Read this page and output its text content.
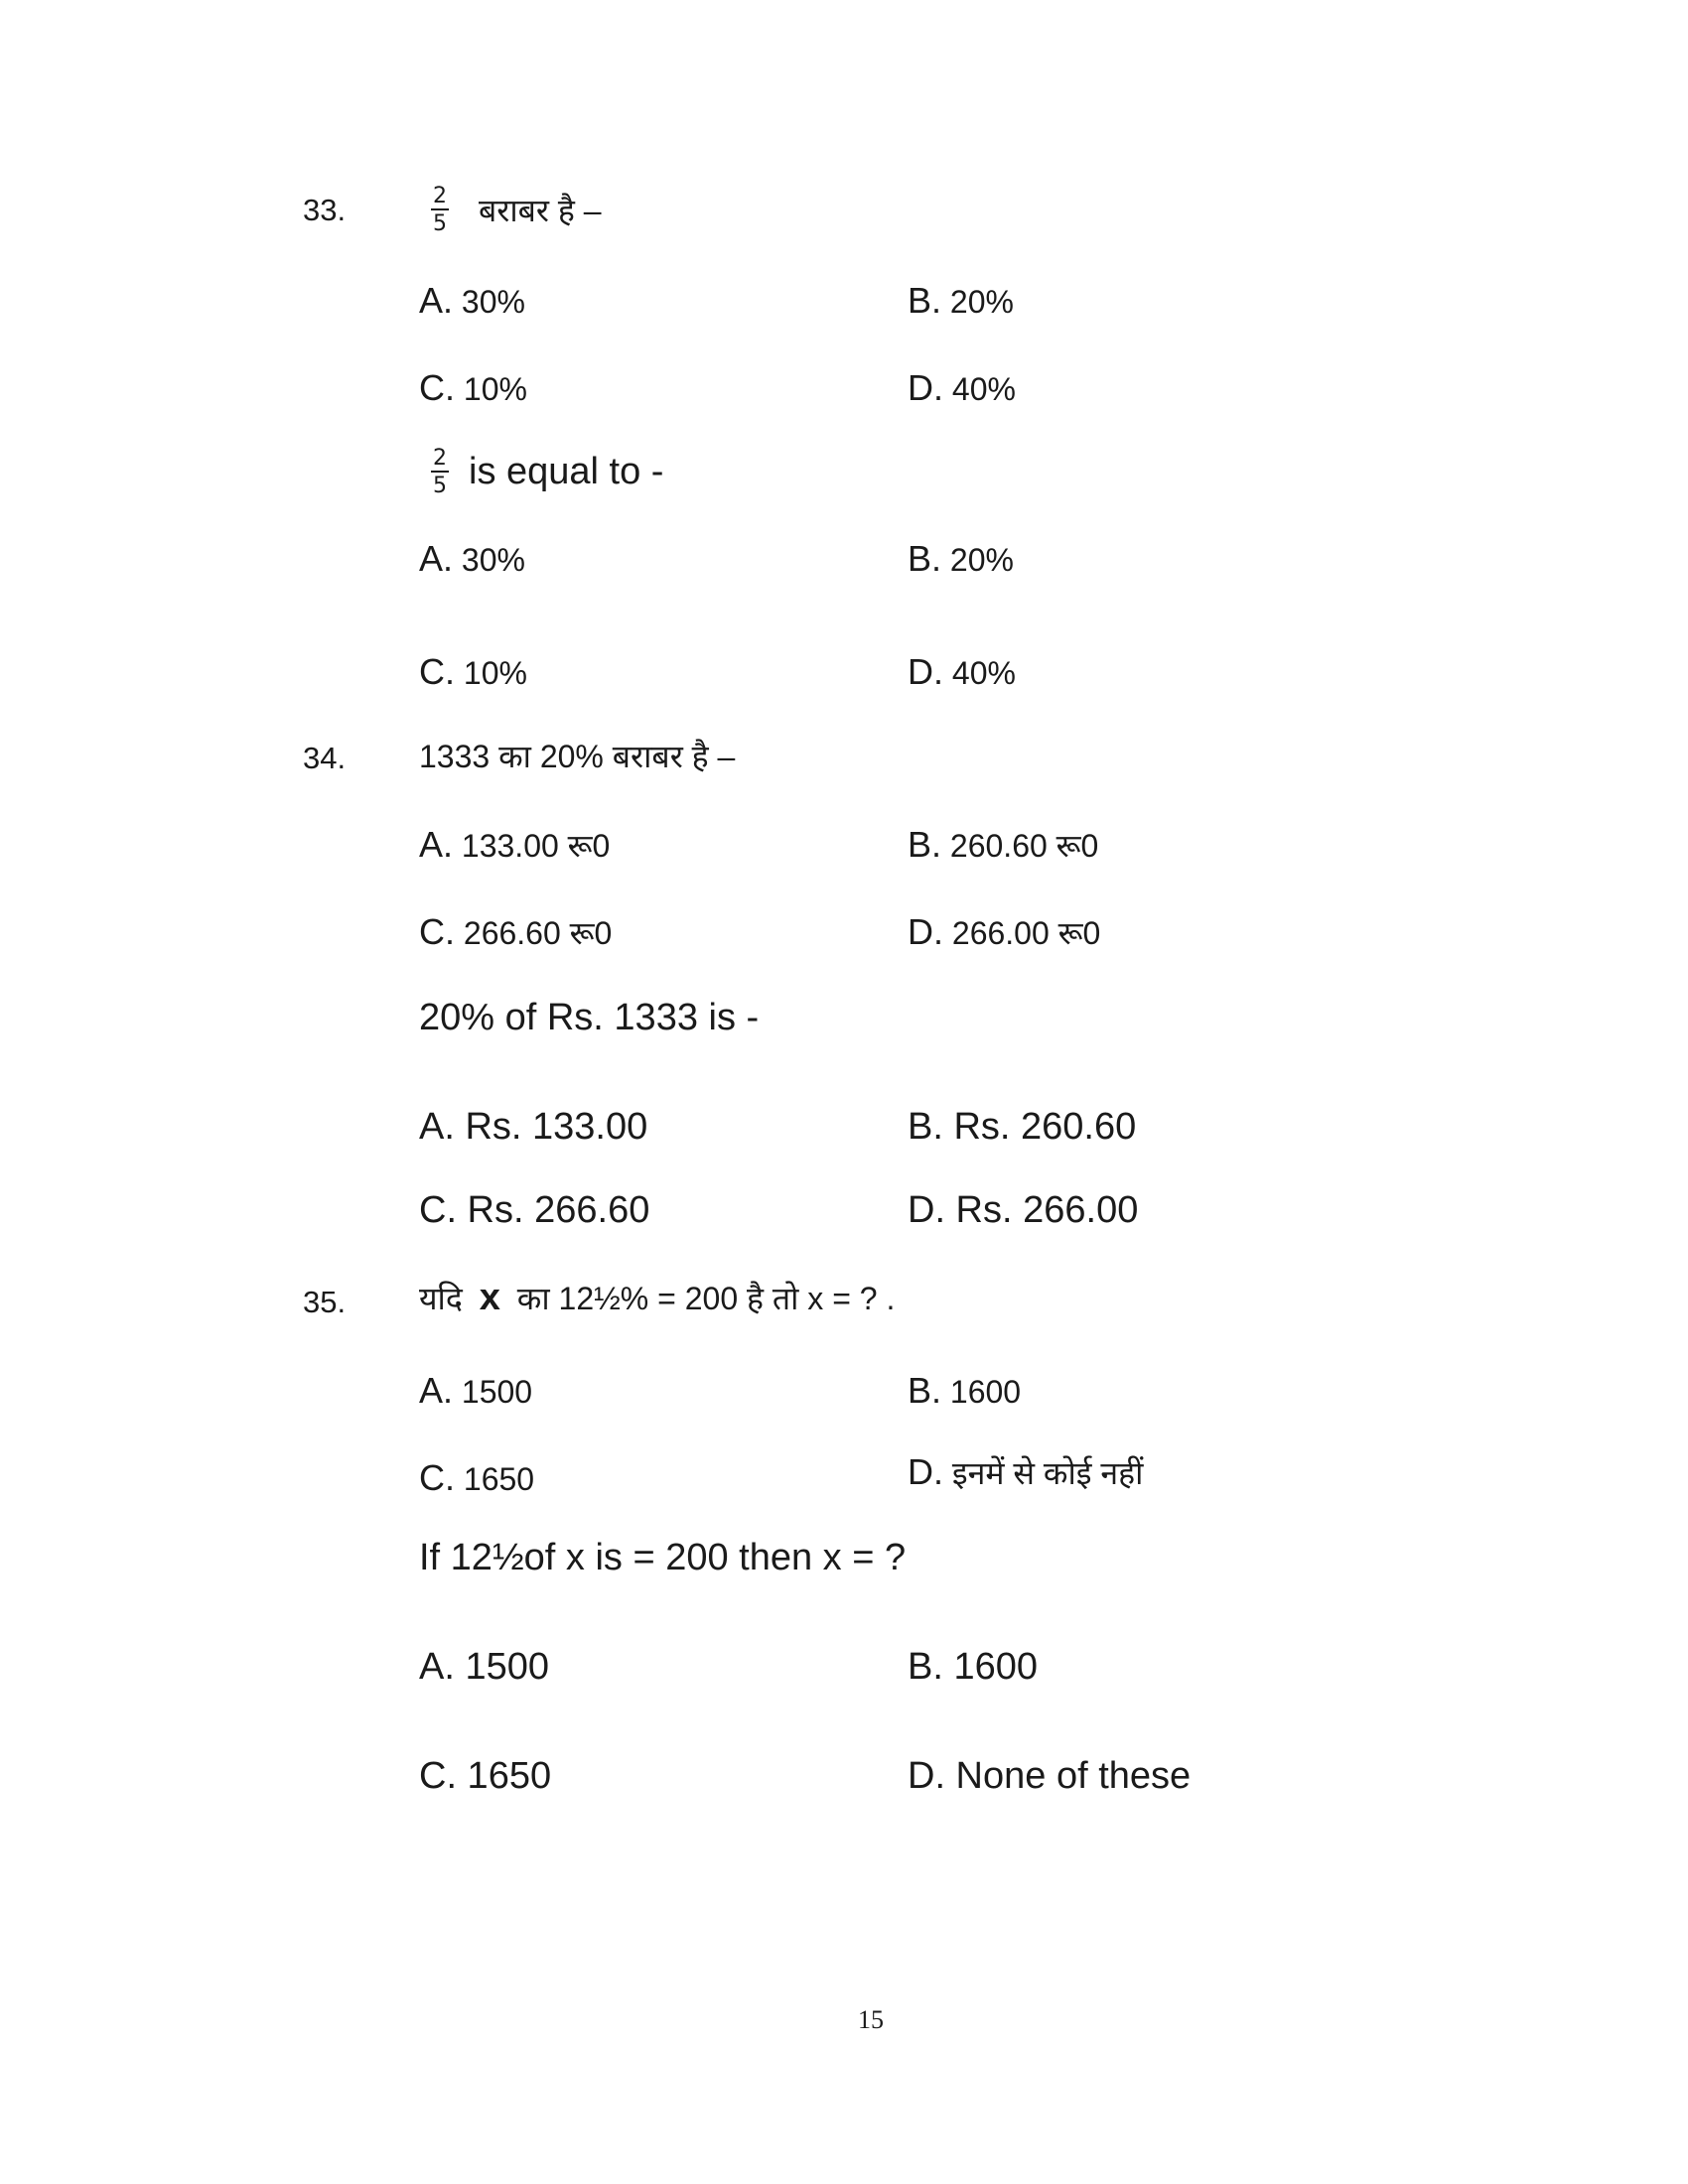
33.	$\frac{2}{5}$ बराबर है –
A. 30%	B. 20%
C. 10%	D. 40%
$\frac{2}{5}$ is equal to -
A. 30%	B. 20%
C. 10%	D. 40%
34. 1333 का 20% बराबर है –
A. 133.00 रू0	B. 260.60 रू0
C. 266.60 रू0	D. 266.00 रू0
20% of Rs. 1333 is -
A. Rs. 133.00	B. Rs. 260.60
C. Rs. 266.60	D. Rs. 266.00
35. यदि x का 12½% = 200 है तो x = ? .
A. 1500	B. 1600
C. 1650	D. इनमें से कोई नहीं
If 12½of x is = 200 then x = ?
A. 1500	B. 1600
C. 1650	D. None of these
15
